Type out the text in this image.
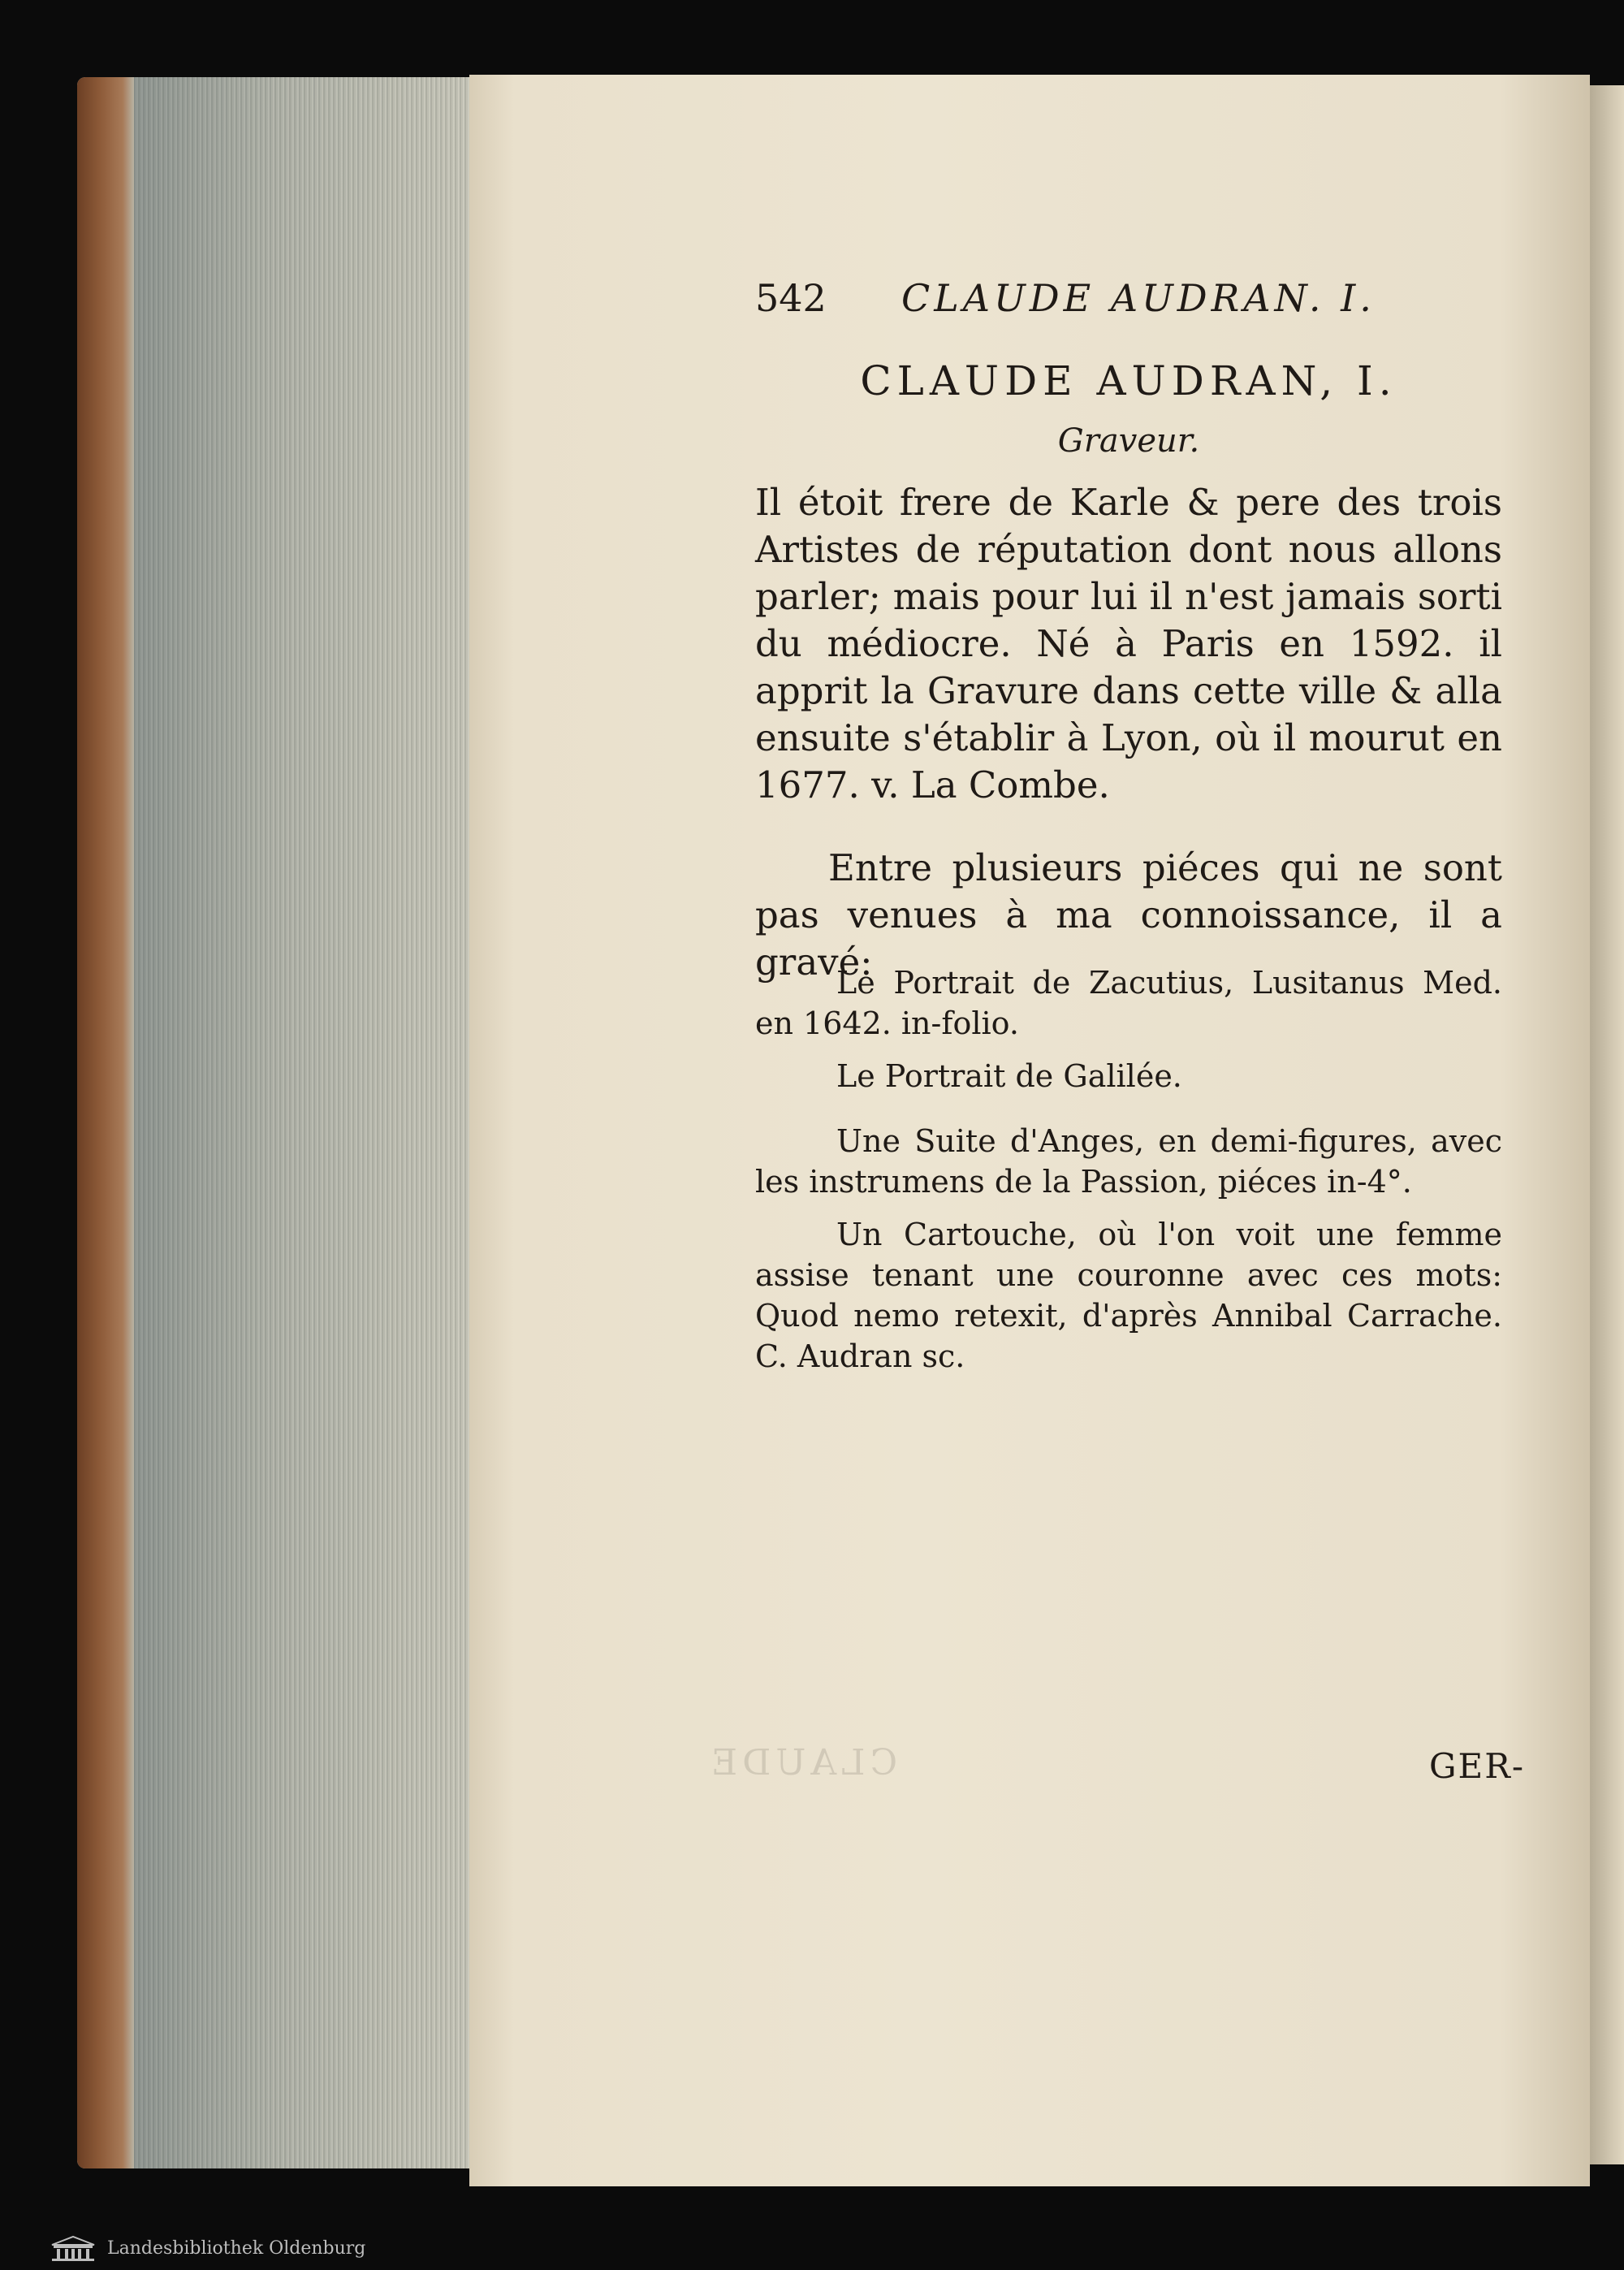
542 CLAUDE AUDRAN. I.
CLAUDE AUDRAN, I.
Graveur.
Il étoit frere de Karle & pere des trois Artistes de réputation dont nous allons parler; mais pour lui il n'est jamais sorti du médiocre. Né à Paris en 1592. il apprit la Gravure dans cette ville & alla ensuite s'établir à Lyon, où il mourut en 1677. v. La Combe.
Entre plusieurs piéces qui ne sont pas venues à ma connoissance, il a gravé:
Le Portrait de Zacutius, Lusitanus Med. en 1642. in-folio.
Le Portrait de Galilée.
Une Suite d'Anges, en demi-figures, avec les instrumens de la Passion, piéces in-4°.
Un Cartouche, où l'on voit une femme assise tenant une couronne avec ces mots: Quod nemo retexit, d'après Annibal Carrache. C. Audran sc.
CLAUDE	GER-
Landesbibliothek Oldenburg
